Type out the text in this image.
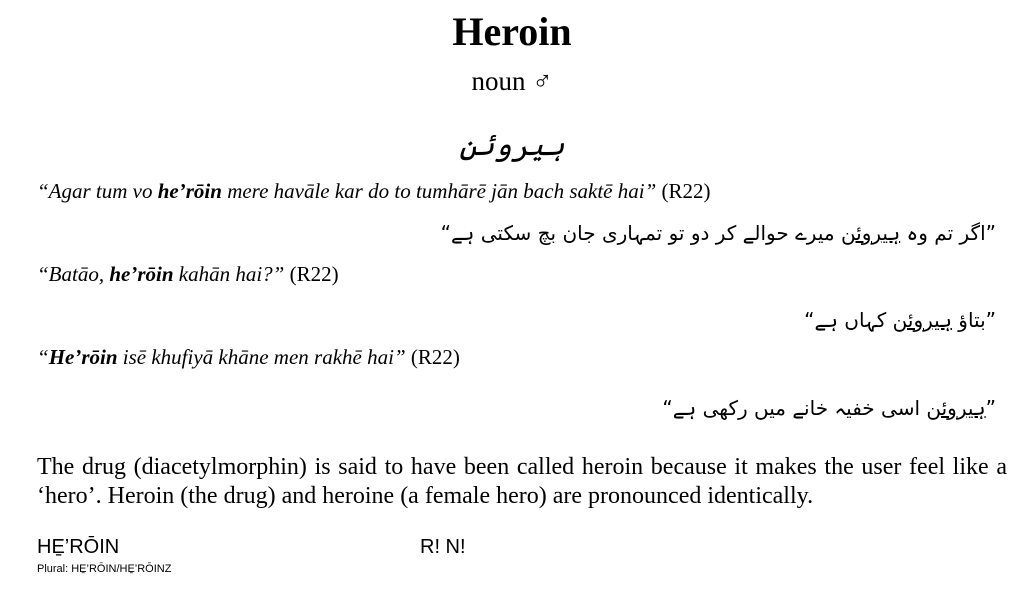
Heroin
noun ♂
ہیروئن
“Agar tum vo he’rōin mere havāle kar do to tumhārē jān bach saktē hai” (R22)
”اگر تم وہ ہیروئن میرے حوالے کر دو تو تمہاری جان بچ سکتی ہے“
“Batāo, he’rōin kahān hai?” (R22)
”بتاؤ ہیروئن کہاں ہے“
“He’rōin isē khufiyā khāne men rakhē hai” (R22)
”ہیروئن اسی خفیہ خانے میں رکھی ہے“
The drug (diacetylmorphin) is said to have been called heroin because it makes the user feel like a ‘hero’. Heroin (the drug) and heroine (a female hero) are pronounced identically.
HE̱’RŌIN	R! N!
Plural: HE̱’RŌIN/HE̱’RŌINZ
